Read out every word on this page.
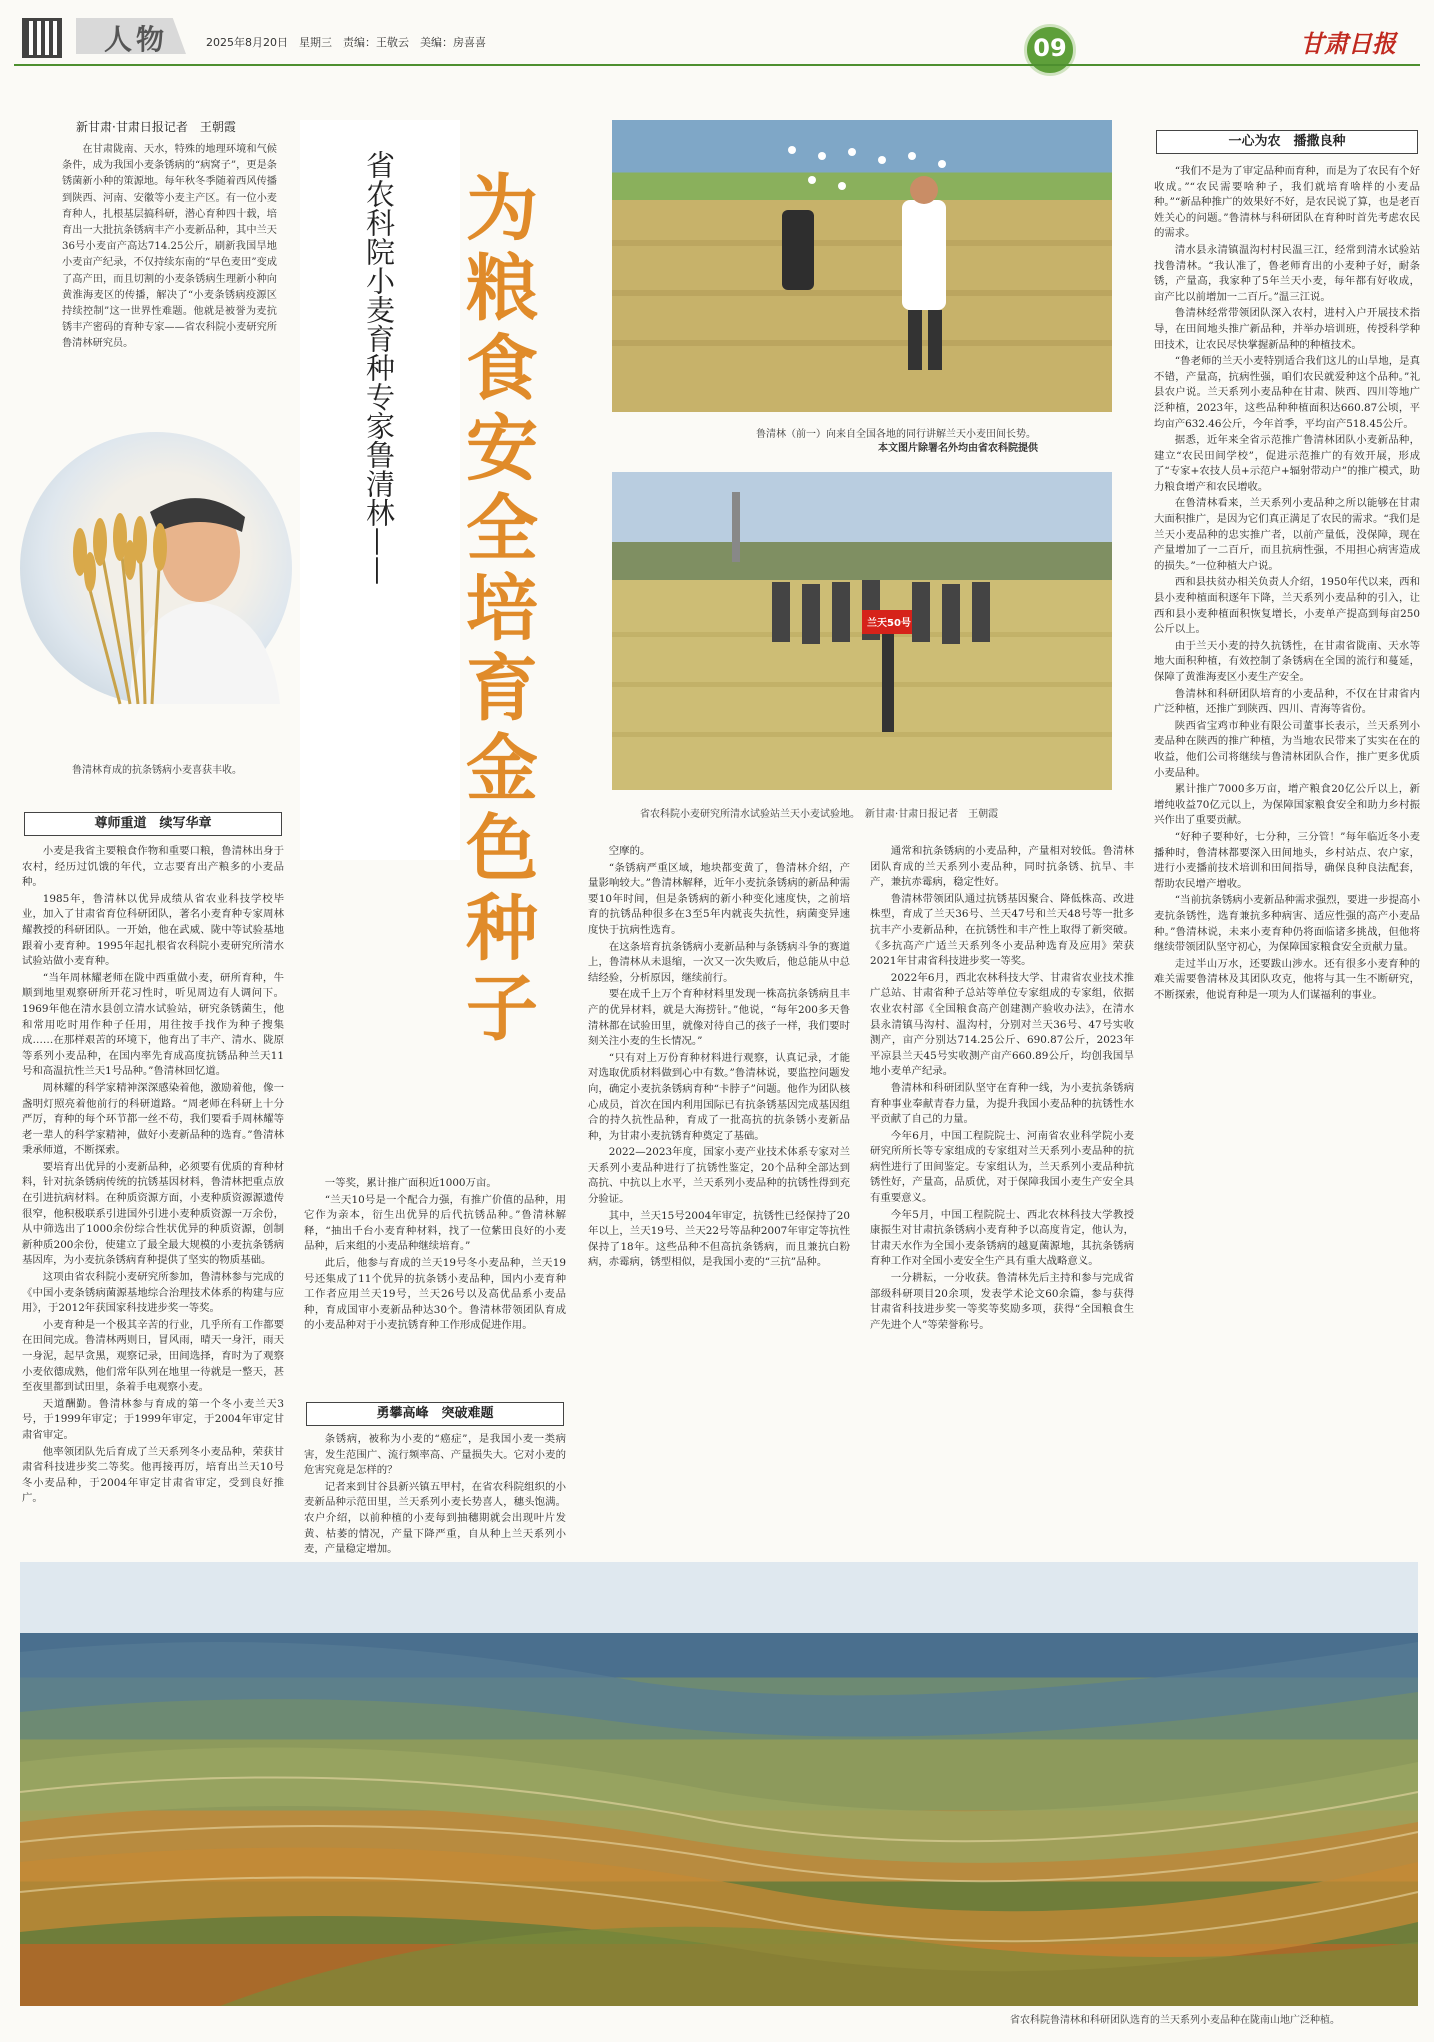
人物	2025年8月20日　星期三　责编：王敬云　美编：房喜喜	09	甘肃日报
新甘肃·甘肃日报记者　王朝霞
在甘肃陇南、天水，特殊的地理环境和气候条件，成为我国小麦条锈病的“病窝子”，更是条锈菌新小种的策源地。每年秋冬季随着西风传播到陕西、河南、安徽等小麦主产区。有一位小麦育种人，扎根基层搞科研，潜心育种四十载，培育出一大批抗条锈病丰产小麦新品种，其中兰天36号小麦亩产高达714.25公斤，刷新我国旱地小麦亩产纪录，不仅持续东南的“早色麦田”变成了高产田，而且切割的小麦条锈病生理新小种向黄淮海麦区的传播，解决了“小麦条锈病疫源区持续控制”这一世界性难题。他就是被誉为麦抗锈丰产密码的育种专家——省农科院小麦研究所鲁清林研究员。	省农科院小麦育种专家鲁清林—— 为粮食安全培育金色种子
鲁清林育成的抗条锈病小麦喜获丰收。
鲁清林（前一）向来自全国各地的同行讲解兰天小麦田间长势。
本文图片除署名外均由省农科院提供
兰天50号
省农科院小麦研究所清水试验站兰天小麦试验地。　新甘肃·甘肃日报记者　王朝霞
尊师重道　续写华章
勇攀高峰　突破难题
一心为农　播撒良种

小麦是我省主要粮食作物和重要口粮，鲁清林出身于农村，经历过饥饿的年代，立志要育出产粮多的小麦品种。

1985年，鲁清林以优异成绩从省农业科技学校毕业，加入了甘肃省育位科研团队，著名小麦育种专家周林耀教授的科研团队。一开始，他在武威、陇中等试验基地跟着小麦育种。1995年起扎根省农科院小麦研究所清水试验站做小麦育种。

“当年周林耀老师在陇中西重做小麦，研所育种，牛顺到地里观察研所开花习性时，听见周边有人调问下。1969年他在清水县创立清水试验站，研究条锈菌生，他和常用吃时用作种子任用，用往按手找作为种子搜集成……在那样艰苦的环境下，他育出了丰产、清水、陇原等系列小麦品种，在国内率先育成高度抗锈品种兰天11号和高温抗性兰天1号品种。”鲁清林回忆道。

周林耀的科学家精神深深感染着他，激励着他，像一盏明灯照亮着他前行的科研道路。“周老师在科研上十分严厉，育种的每个环节都一丝不苟，我们要看手周林耀等老一辈人的科学家精神，做好小麦新品种的选育。”鲁清林秉承师道，不断探索。

要培育出优异的小麦新品种，必须要有优质的育种材料，针对抗条锈病传统的抗锈基因材料，鲁清林把重点放在引进抗病材料。在种质资源方面，小麦种质资源源遗传很窄，他积极联系引进国外引进小麦种质资源一万余份，从中筛选出了1000余份综合性状优异的种质资源，创制新种质200余份，使建立了最全最大规模的小麦抗条锈病基因库，为小麦抗条锈病育种提供了坚实的物质基础。

这项由省农科院小麦研究所参加，鲁清林参与完成的《中国小麦条锈病菌源基地综合治理技术体系的构建与应用》，于2012年获国家科技进步奖一等奖。

小麦育种是一个极其辛苦的行业，几乎所有工作都要在田间完成。鲁清林两则日，冒风雨，晴天一身汗，雨天一身泥，起早贪黑，观察记录，田间选择，育时为了观察小麦依德成熟，他们常年队列在地里一待就是一整天，甚至夜里都到试田里，条着手电观察小麦。

天道酬勤。鲁清林参与育成的第一个冬小麦兰天3号，于1999年审定；于1999年审定，于2004年审定甘肃省审定。

他率领团队先后育成了兰天系列冬小麦品种，荣获甘肃省科技进步奖二等奖。他再接再厉，培育出兰天10号冬小麦品种，于2004年审定甘肃省审定，受到良好推广。

一等奖，累计推广面积近1000万亩。

“兰天10号是一个配合力强，有推广价值的品种，用它作为亲本，衍生出优异的后代抗锈品种。”鲁清林解释，“抽出千台小麦育种材料，找了一位紫田良好的小麦品种，后来组的小麦品种继续培育。”

此后，他参与育成的兰天19号冬小麦品种，兰天19号还集成了11个优异的抗条锈小麦品种，国内小麦育种工作者应用兰天19号，兰天26号以及高优品系小麦品种，育成国审小麦新品种达30个。鲁清林带领团队育成的小麦品种对于小麦抗锈育种工作形成促进作用。

条锈病，被称为小麦的“癌症”，是我国小麦一类病害，发生范围广、流行频率高、产量损失大。它对小麦的危害究竟是怎样的？

记者来到甘谷县新兴镇五甲村，在省农科院组织的小麦新品种示范田里，兰天系列小麦长势喜人，穗头饱满。农户介绍，以前种植的小麦每到抽穗期就会出现叶片发黄、枯萎的情况，产量下降严重，自从种上兰天系列小麦，产量稳定增加。

空摩的。

“条锈病严重区域，地块都变黄了，鲁清林介绍，产量影响较大。”鲁清林解释，近年小麦抗条锈病的新品种需要10年时间，但是条锈病的新小种变化速度快，之前培育的抗锈品种很多在3至5年内就丧失抗性，病菌变异速度快于抗病性选育。

在这条培育抗条锈病小麦新品种与条锈病斗争的赛道上，鲁清林从未退缩，一次又一次失败后，他总能从中总结经验，分析原因，继续前行。

要在成千上万个育种材料里发现一株高抗条锈病且丰产的优异材料，就是大海捞针。”他说，“每年200多天鲁清林都在试验田里，就像对待自己的孩子一样，我们要时刻关注小麦的生长情况。”

“只有对上万份育种材料进行观察，认真记录，才能对选取优质材料做到心中有数。”鲁清林说，要监控问题发向，确定小麦抗条锈病育种“卡脖子”问题。他作为团队核心成员，首次在国内利用国际已有抗条锈基因完成基因组合的持久抗性品种，育成了一批高抗的抗条锈小麦新品种，为甘肃小麦抗锈育种奠定了基础。

2022—2023年度，国家小麦产业技术体系专家对兰天系列小麦品种进行了抗锈性鉴定，20个品种全部达到高抗、中抗以上水平，兰天系列小麦品种的抗锈性得到充分验证。

其中，兰天15号2004年审定，抗锈性已经保持了20年以上，兰天19号、兰天22号等品种2007年审定等抗性保持了18年。这些品种不但高抗条锈病，而且兼抗白粉病，赤霉病，锈型相似，是我国小麦的“三抗”品种。

通常和抗条锈病的小麦品种，产量相对较低。鲁清林团队育成的兰天系列小麦品种，同时抗条锈、抗旱、丰产，兼抗赤霉病，稳定性好。

鲁清林带领团队通过抗锈基因聚合、降低株高、改进株型，育成了兰天36号、兰天47号和兰天48号等一批多抗丰产小麦新品种，在抗锈性和丰产性上取得了新突破。《多抗高产广适兰天系列冬小麦品种选育及应用》荣获2021年甘肃省科技进步奖一等奖。

2022年6月，西北农林科技大学、甘肃省农业技术推广总站、甘肃省种子总站等单位专家组成的专家组，依据农业农村部《全国粮食高产创建测产验收办法》，在清水县永清镇马沟村、温沟村，分别对兰天36号、47号实收测产，亩产分别达714.25公斤、690.87公斤，2023年平凉县兰天45号实收测产亩产660.89公斤，均创我国旱地小麦单产纪录。

鲁清林和科研团队坚守在育种一线，为小麦抗条锈病育种事业奉献青春力量，为提升我国小麦品种的抗锈性水平贡献了自己的力量。

今年6月，中国工程院院士、河南省农业科学院小麦研究所所长等专家组成的专家组对兰天系列小麦品种的抗病性进行了田间鉴定。专家组认为，兰天系列小麦品种抗锈性好，产量高，品质优，对于保障我国小麦生产安全具有重要意义。

今年5月，中国工程院院士、西北农林科技大学教授康振生对甘肃抗条锈病小麦育种予以高度肯定，他认为，甘肃天水作为全国小麦条锈病的越夏菌源地，其抗条锈病育种工作对全国小麦安全生产具有重大战略意义。

一分耕耘，一分收获。鲁清林先后主持和参与完成省部级科研项目20余项，发表学术论文60余篇，参与获得甘肃省科技进步奖一等奖等奖励多项，获得“全国粮食生产先进个人”等荣誉称号。

“我们不是为了审定品种而育种，而是为了农民有个好收成。”“农民需要啥种子，我们就培育啥样的小麦品种。”“新品种推广的效果好不好，是农民说了算，也是老百姓关心的问题。”鲁清林与科研团队在育种时首先考虑农民的需求。

清水县永清镇温沟村村民温三江，经常到清水试验站找鲁清林。“我认准了，鲁老师育出的小麦种子好，耐条锈，产量高，我家种了5年兰天小麦，每年都有好收成，亩产比以前增加一二百斤。”温三江说。

鲁清林经常带领团队深入农村，进村入户开展技术指导，在田间地头推广新品种，并举办培训班，传授科学种田技术，让农民尽快掌握新品种的种植技术。

“鲁老师的兰天小麦特别适合我们这儿的山旱地，是真不错，产量高，抗病性强，咱们农民就爱种这个品种。”礼县农户说。兰天系列小麦品种在甘肃、陕西、四川等地广泛种植，2023年，这些品种种植面积达660.87公顷，平均亩产632.46公斤，今年首季，平均亩产518.45公斤。

据悉，近年来全省示范推广鲁清林团队小麦新品种，建立“农民田间学校”，促进示范推广的有效开展，形成了“专家+农技人员+示范户+辐射带动户”的推广模式，助力粮食增产和农民增收。

在鲁清林看来，兰天系列小麦品种之所以能够在甘肃大面积推广，是因为它们真正满足了农民的需求。“我们是兰天小麦品种的忠实推广者，以前产量低，没保障，现在产量增加了一二百斤，而且抗病性强，不用担心病害造成的损失。”一位种植大户说。

西和县扶贫办相关负责人介绍，1950年代以来，西和县小麦种植面积逐年下降，兰天系列小麦品种的引入，让西和县小麦种植面积恢复增长，小麦单产提高到每亩250公斤以上。

由于兰天小麦的持久抗锈性，在甘肃省陇南、天水等地大面积种植，有效控制了条锈病在全国的流行和蔓延，保障了黄淮海麦区小麦生产安全。

鲁清林和科研团队培育的小麦品种，不仅在甘肃省内广泛种植，还推广到陕西、四川、青海等省份。

陕西省宝鸡市种业有限公司董事长表示，兰天系列小麦品种在陕西的推广种植，为当地农民带来了实实在在的收益，他们公司将继续与鲁清林团队合作，推广更多优质小麦品种。

累计推广7000多万亩，增产粮食20亿公斤以上，新增纯收益70亿元以上，为保障国家粮食安全和助力乡村振兴作出了重要贡献。

“好种子要种好，七分种，三分管！”每年临近冬小麦播种时，鲁清林都要深入田间地头，乡村站点、农户家，进行小麦播前技术培训和田间指导，确保良种良法配套，帮助农民增产增收。

“当前抗条锈病小麦新品种需求强烈，要进一步提高小麦抗条锈性，选育兼抗多种病害、适应性强的高产小麦品种。”鲁清林说，未来小麦育种仍将面临诸多挑战，但他将继续带领团队坚守初心，为保障国家粮食安全贡献力量。

走过半山万水，还要跋山涉水。还有很多小麦育种的难关需要鲁清林及其团队攻克，他将与其一生不断研究，不断探索，他说育种是一项为人们谋福利的事业。

省农科院鲁清林和科研团队选育的兰天系列小麦品种在陇南山地广泛种植。
